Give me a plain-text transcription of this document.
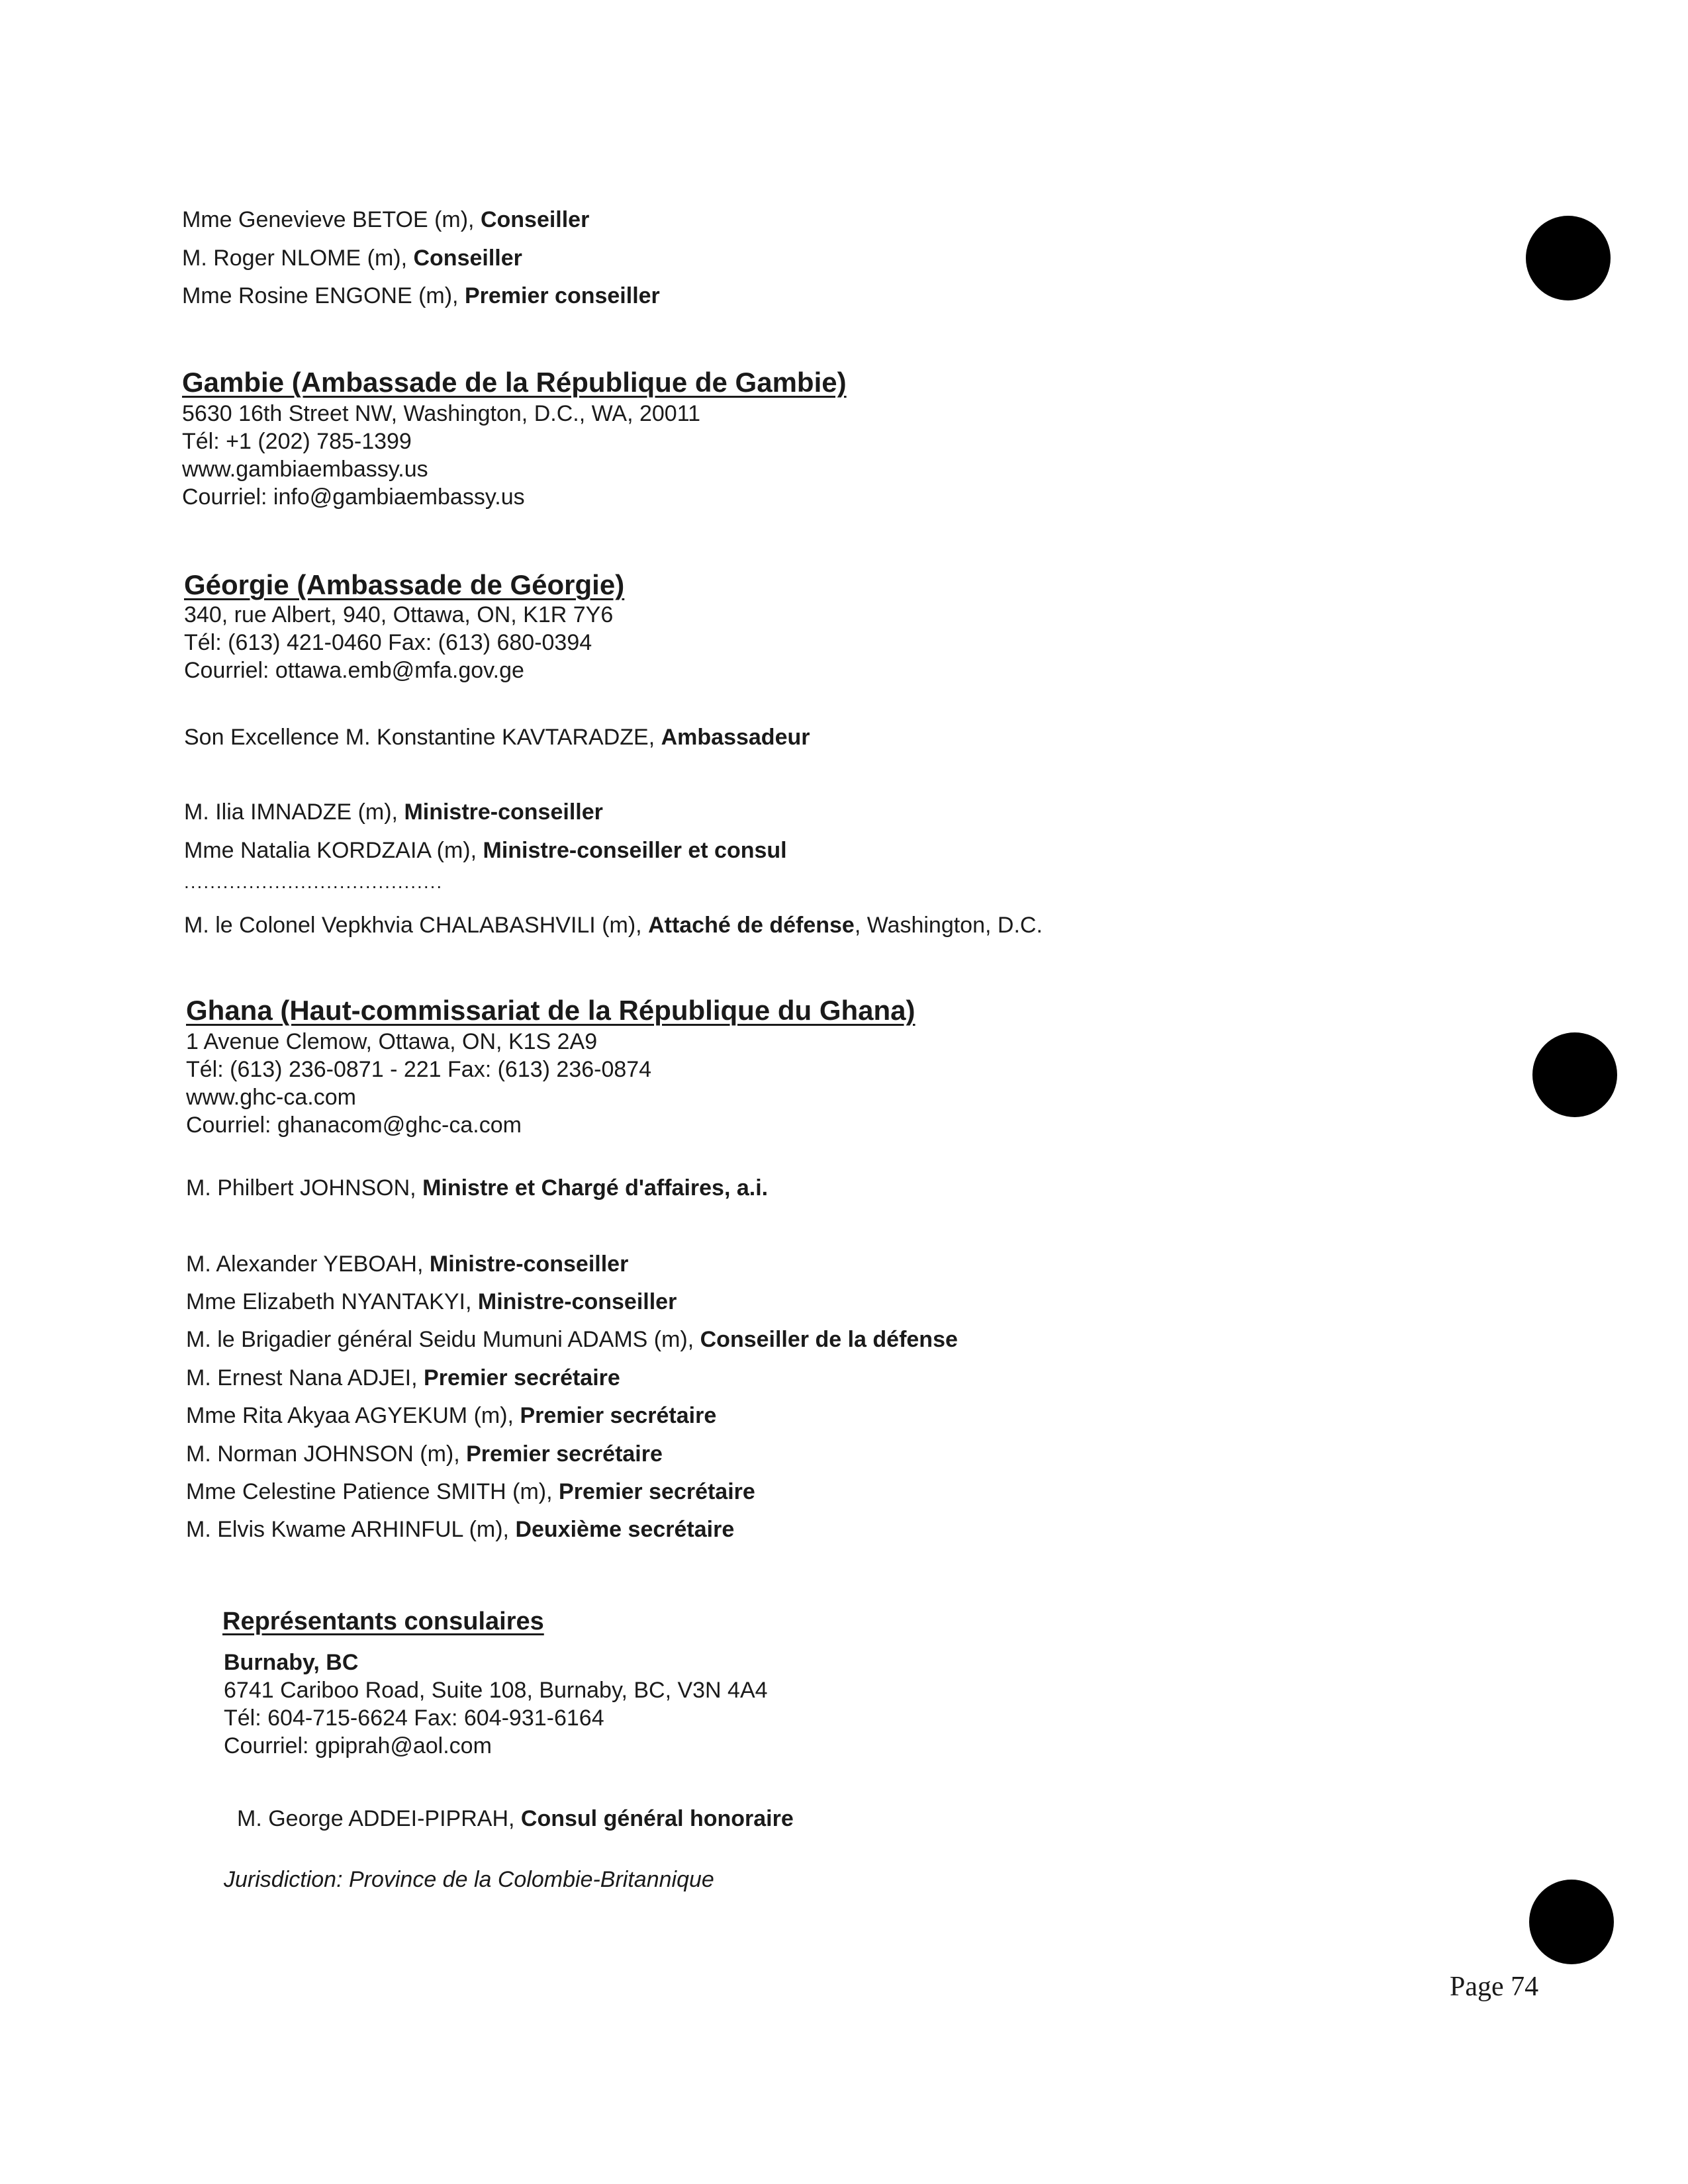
Mme Genevieve BETOE (m), Conseiller
M. Roger NLOME (m), Conseiller
Mme Rosine ENGONE (m), Premier conseiller
Gambie (Ambassade de la République de Gambie)
5630 16th Street NW, Washington, D.C., WA, 20011
Tél: +1 (202) 785-1399
www.gambiaembassy.us
Courriel: info@gambiaembassy.us
Géorgie (Ambassade de Géorgie)
340, rue Albert, 940, Ottawa, ON, K1R 7Y6
Tél: (613) 421-0460 Fax: (613) 680-0394
Courriel: ottawa.emb@mfa.gov.ge
Son Excellence M. Konstantine KAVTARADZE, Ambassadeur
M. Ilia IMNADZE (m), Ministre-conseiller
Mme Natalia KORDZAIA (m), Ministre-conseiller et consul
........................................
M. le Colonel Vepkhvia CHALABASHVILI (m), Attaché de défense, Washington, D.C.
Ghana (Haut-commissariat de la République du Ghana)
1 Avenue Clemow, Ottawa, ON, K1S 2A9
Tél: (613) 236-0871 - 221 Fax: (613) 236-0874
www.ghc-ca.com
Courriel: ghanacom@ghc-ca.com
M. Philbert JOHNSON, Ministre et Chargé d'affaires, a.i.
M. Alexander YEBOAH, Ministre-conseiller
Mme Elizabeth NYANTAKYI, Ministre-conseiller
M. le Brigadier général Seidu Mumuni ADAMS (m), Conseiller de la défense
M. Ernest Nana ADJEI, Premier secrétaire
Mme Rita Akyaa AGYEKUM (m), Premier secrétaire
M. Norman JOHNSON (m), Premier secrétaire
Mme Celestine Patience SMITH (m), Premier secrétaire
M. Elvis Kwame ARHINFUL (m), Deuxième secrétaire
Représentants consulaires
Burnaby, BC
6741 Cariboo Road, Suite 108, Burnaby, BC, V3N 4A4
Tél: 604-715-6624 Fax: 604-931-6164
Courriel: gpiprah@aol.com
M. George ADDEI-PIPRAH, Consul général honoraire
Jurisdiction: Province de la Colombie-Britannique
Page 74
